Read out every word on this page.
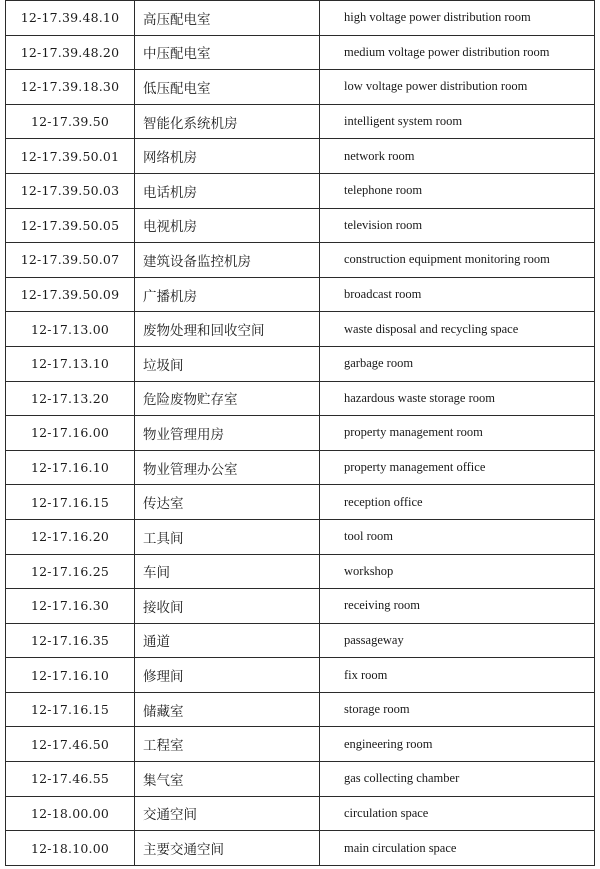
12-17.39.48.10	高压配电室	high voltage power distribution room
12-17.39.48.20	中压配电室	medium voltage power distribution room
12-17.39.18.30	低压配电室	low voltage power distribution room
12-17.39.50	智能化系统机房	intelligent system room
12-17.39.50.01	网络机房	network room
12-17.39.50.03	电话机房	telephone room
12-17.39.50.05	电视机房	television room
12-17.39.50.07	建筑设备监控机房	construction equipment monitoring room
12-17.39.50.09	广播机房	broadcast room
12-17.13.00	废物处理和回收空间	waste disposal and recycling space
12-17.13.10	垃圾间	garbage room
12-17.13.20	危险废物贮存室	hazardous waste storage room
12-17.16.00	物业管理用房	property management room
12-17.16.10	物业管理办公室	property management office
12-17.16.15	传达室	reception office
12-17.16.20	工具间	tool room
12-17.16.25	车间	workshop
12-17.16.30	接收间	receiving room
12-17.16.35	通道	passageway
12-17.16.10	修理间	fix room
12-17.16.15	储藏室	storage room
12-17.46.50	工程室	engineering room
12-17.46.55	集气室	gas collecting chamber
12-18.00.00	交通空间	circulation space
12-18.10.00	主要交通空间	main circulation space
